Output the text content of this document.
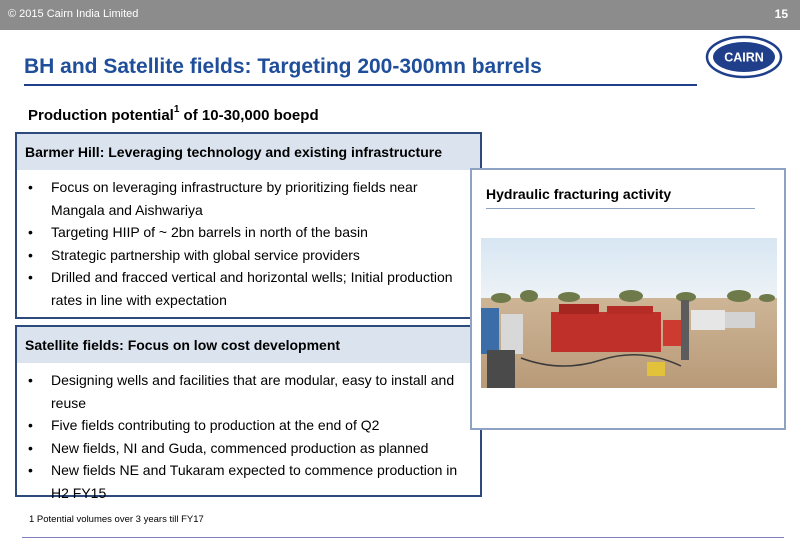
© 2015 Cairn India Limited	15
BH and Satellite fields: Targeting 200-300mn barrels	CAIRN
Production potential$^1$ of 10-30,000 boepd
Barmer Hill: Leveraging technology and existing infrastructure
• Focus on leveraging infrastructure by prioritizing fields near Mangala and Aishwariya
• Targeting HIIP of ~ 2bn barrels in north of the basin
• Strategic partnership with global service providers
• Drilled and fracced vertical and horizontal wells; Initial production rates in line with expectation
Satellite fields: Focus on low cost development
• Designing wells and facilities that are modular, easy to install and reuse
• Five fields contributing to production at the end of Q2
• New fields, NI and Guda, commenced production as planned
• New fields NE and Tukaram expected to commence production in H2 FY15
Hydraulic fracturing activity
1 Potential volumes over 3 years till FY17
